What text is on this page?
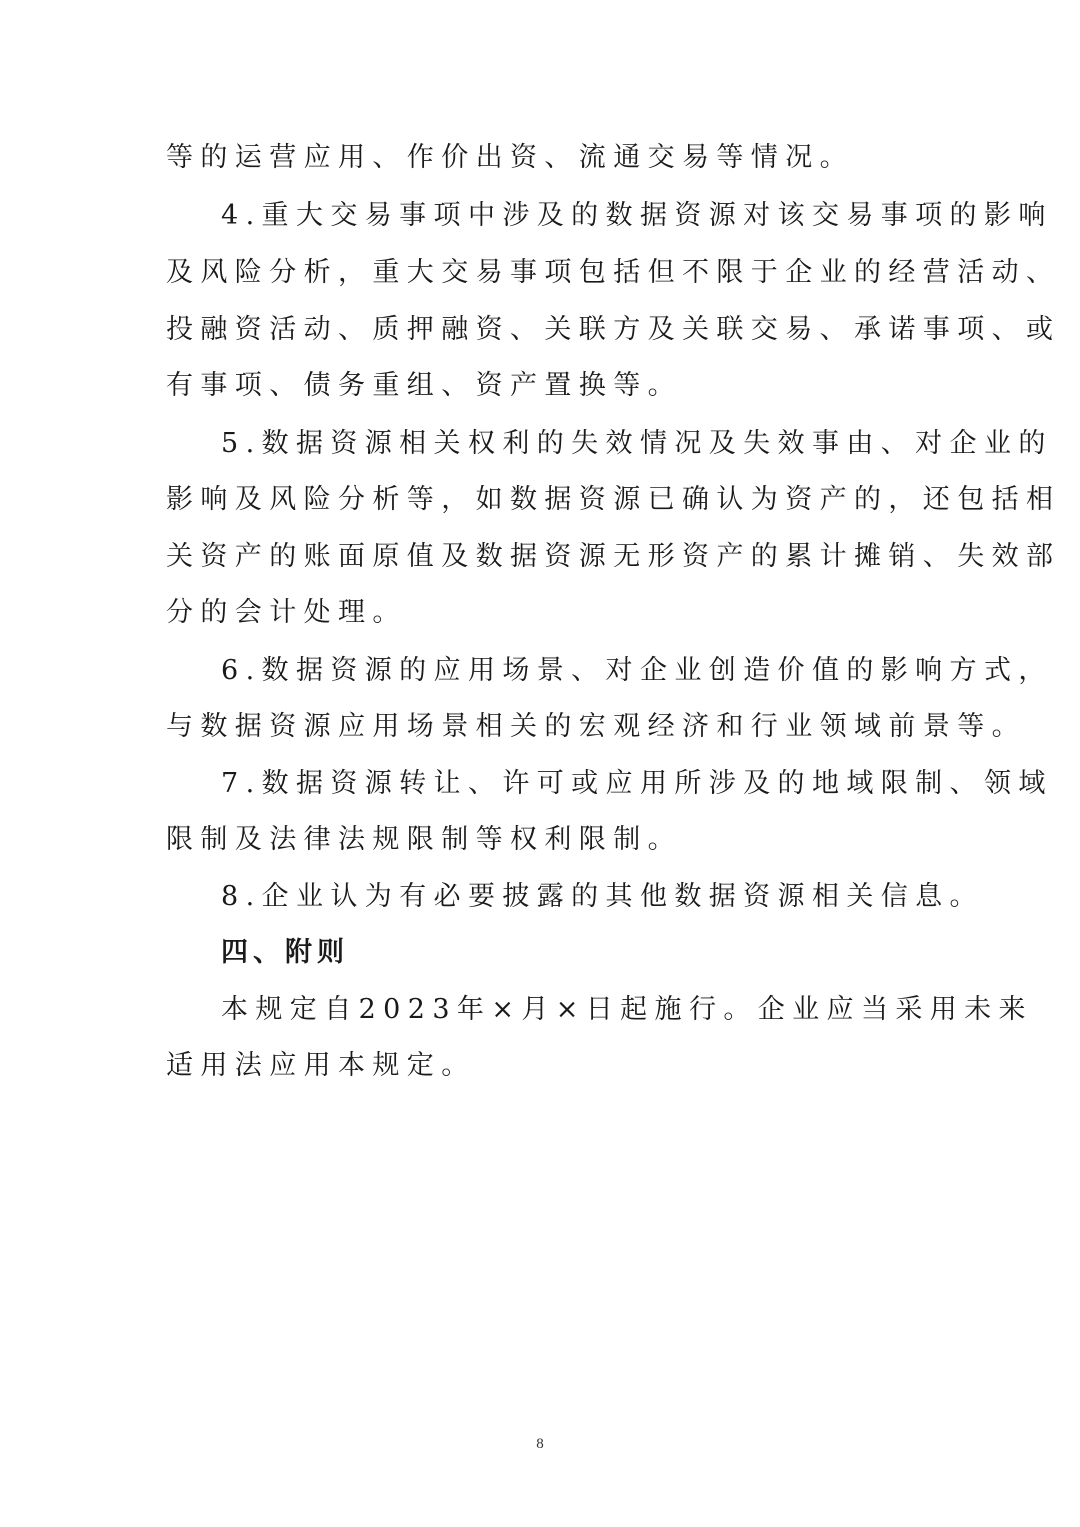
等的运营应用、作价出资、流通交易等情况。
4.重大交易事项中涉及的数据资源对该交易事项的影响
及风险分析，重大交易事项包括但不限于企业的经营活动、
投融资活动、质押融资、关联方及关联交易、承诺事项、或
有事项、债务重组、资产置换等。
5.数据资源相关权利的失效情况及失效事由、对企业的
影响及风险分析等，如数据资源已确认为资产的，还包括相
关资产的账面原值及数据资源无形资产的累计摊销、失效部
分的会计处理。
6.数据资源的应用场景、对企业创造价值的影响方式，
与数据资源应用场景相关的宏观经济和行业领域前景等。
7.数据资源转让、许可或应用所涉及的地域限制、领域
限制及法律法规限制等权利限制。
8.企业认为有必要披露的其他数据资源相关信息。
四、附则
本规定自2023年×月×日起施行。企业应当采用未来
适用法应用本规定。
8
